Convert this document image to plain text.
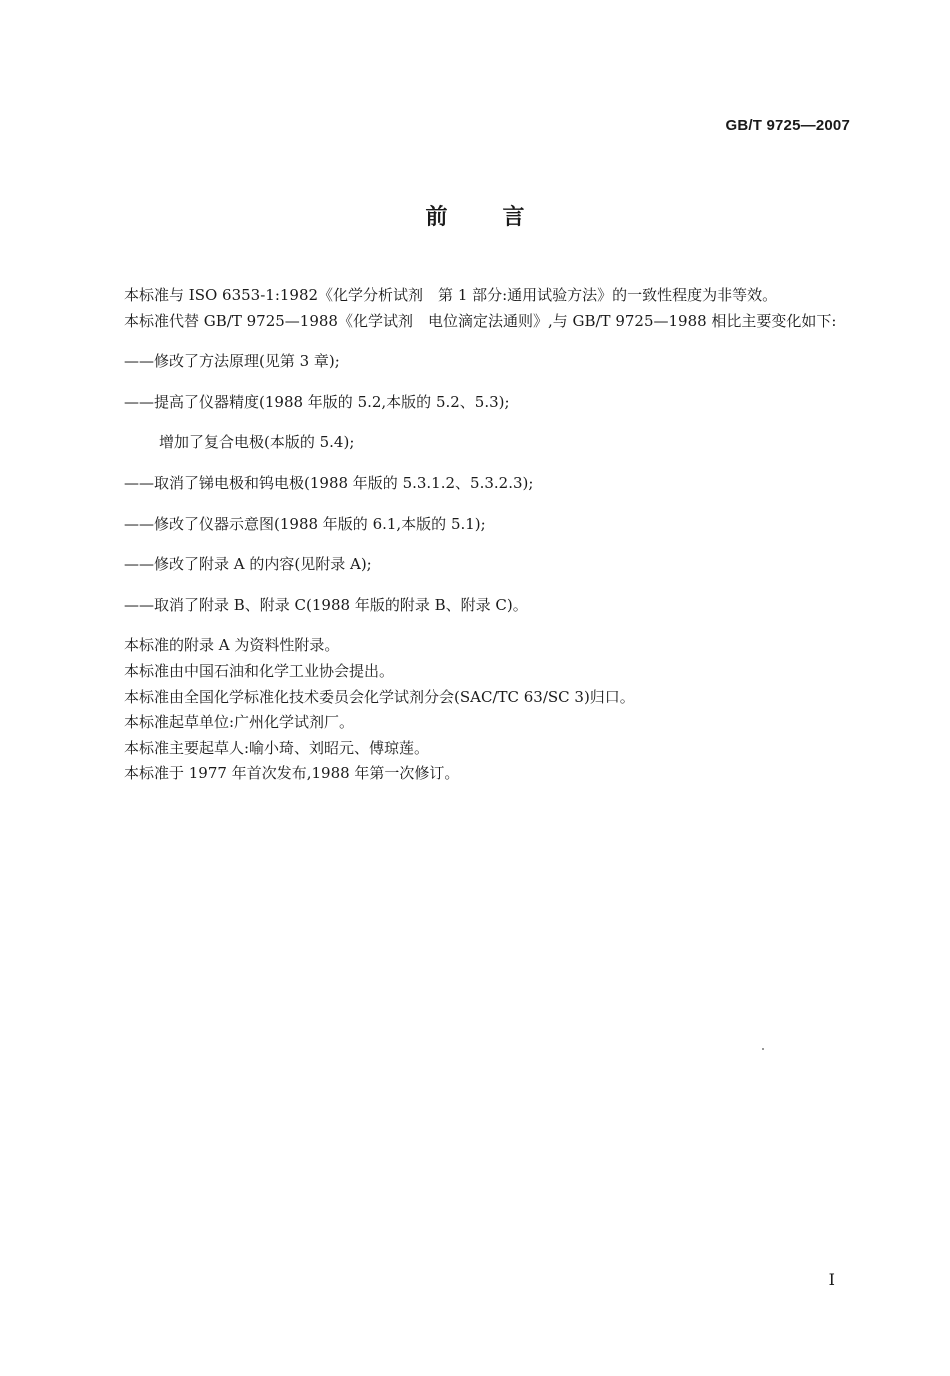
GB/T 9725—2007
前言

本标准与 ISO 6353-1:1982《化学分析试剂　第 1 部分:通用试验方法》的一致性程度为非等效。

本标准代替 GB/T 9725—1988《化学试剂　电位滴定法通则》,与 GB/T 9725—1988 相比主要变化如下:

——修改了方法原理(见第 3 章);

——提高了仪器精度(1988 年版的 5.2,本版的 5.2、5.3);

增加了复合电极(本版的 5.4);

——取消了锑电极和钨电极(1988 年版的 5.3.1.2、5.3.2.3);

——修改了仪器示意图(1988 年版的 6.1,本版的 5.1);

——修改了附录 A 的内容(见附录 A);

——取消了附录 B、附录 C(1988 年版的附录 B、附录 C)。

本标准的附录 A 为资料性附录。

本标准由中国石油和化学工业协会提出。

本标准由全国化学标准化技术委员会化学试剂分会(SAC/TC 63/SC 3)归口。

本标准起草单位:广州化学试剂厂。

本标准主要起草人:喻小琦、刘昭元、傅琼莲。

本标准于 1977 年首次发布,1988 年第一次修订。

I
